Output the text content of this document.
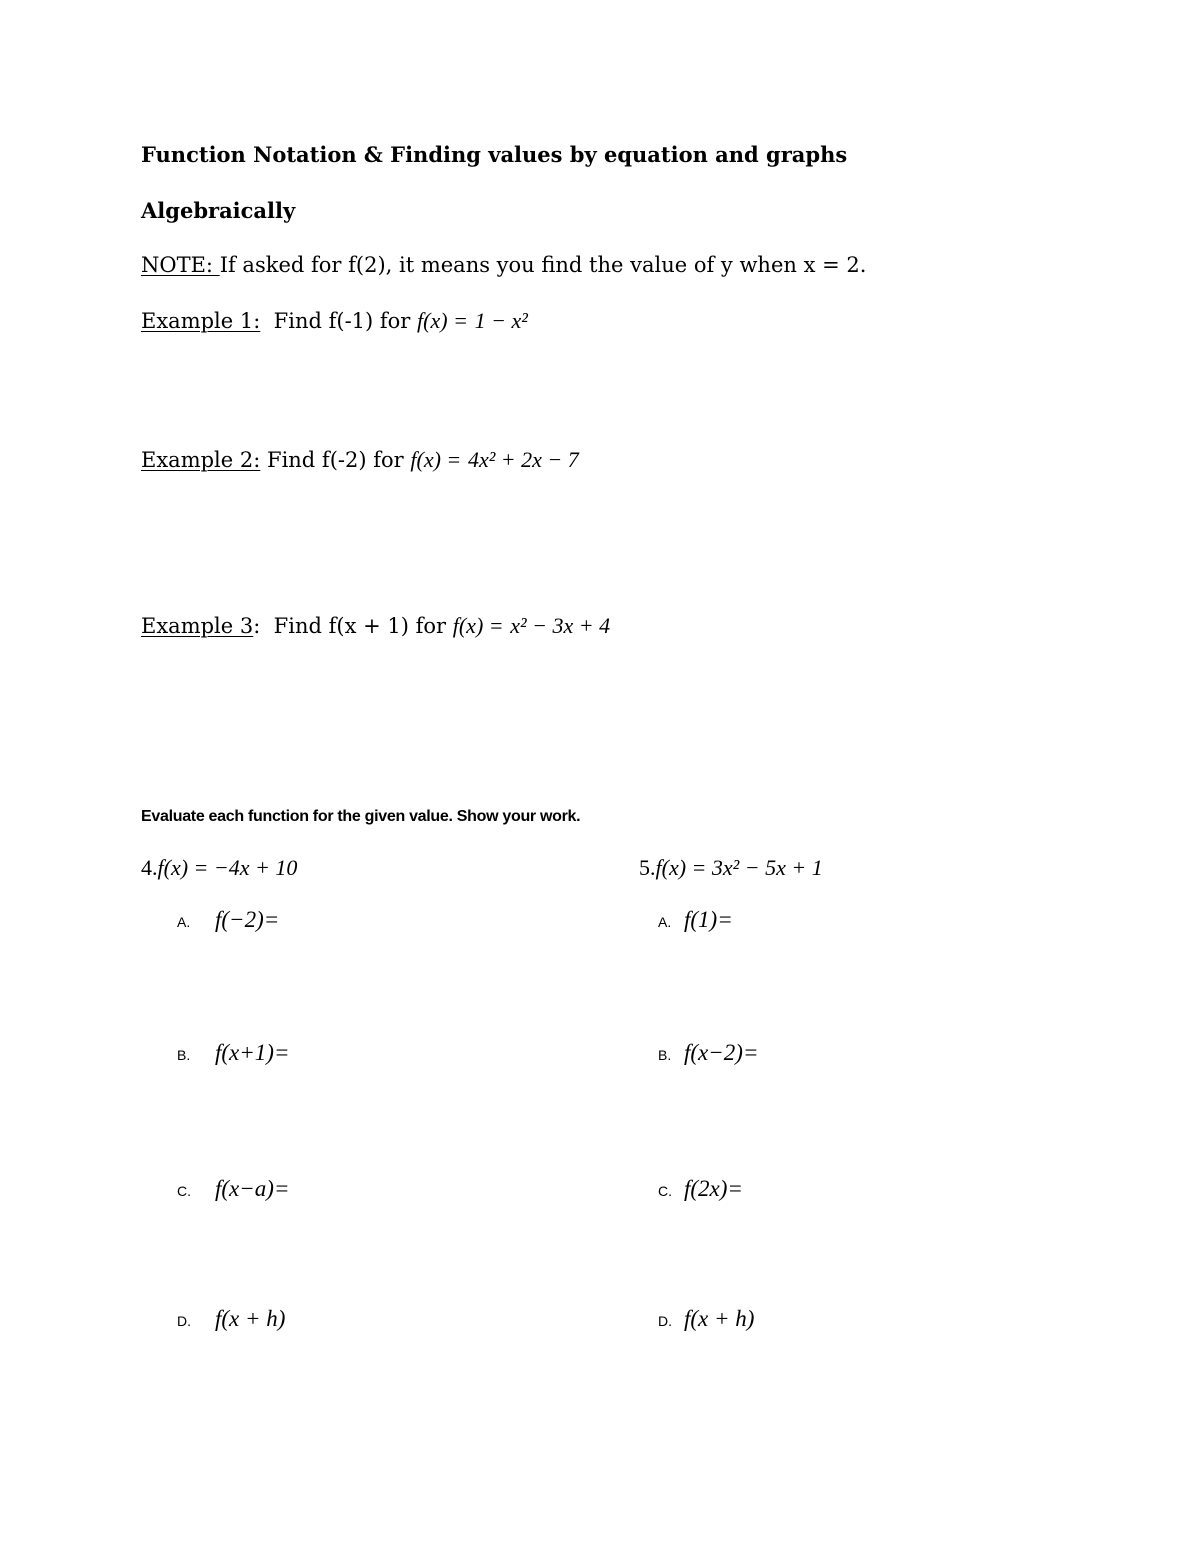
Function Notation & Finding values by equation and graphs
Algebraically
NOTE: If asked for f(2), it means you find the value of y when x = 2.
Example 1: Find f(-1) for f(x) = 1 − x²
Example 2: Find f(-2) for f(x) = 4x² + 2x − 7
Example 3: Find f(x + 1) for f(x) = x² − 3x + 4
Evaluate each function for the given value. Show your work.
4.f(x) = −4x + 10	5.f(x) = 3x² − 5x + 1
A. f(−2)=
B. f(x+1)=
C. f(x−a)=
D. f(x + h)
A. f(1)=
B. f(x−2)=
C. f(2x)=
D. f(x + h)
